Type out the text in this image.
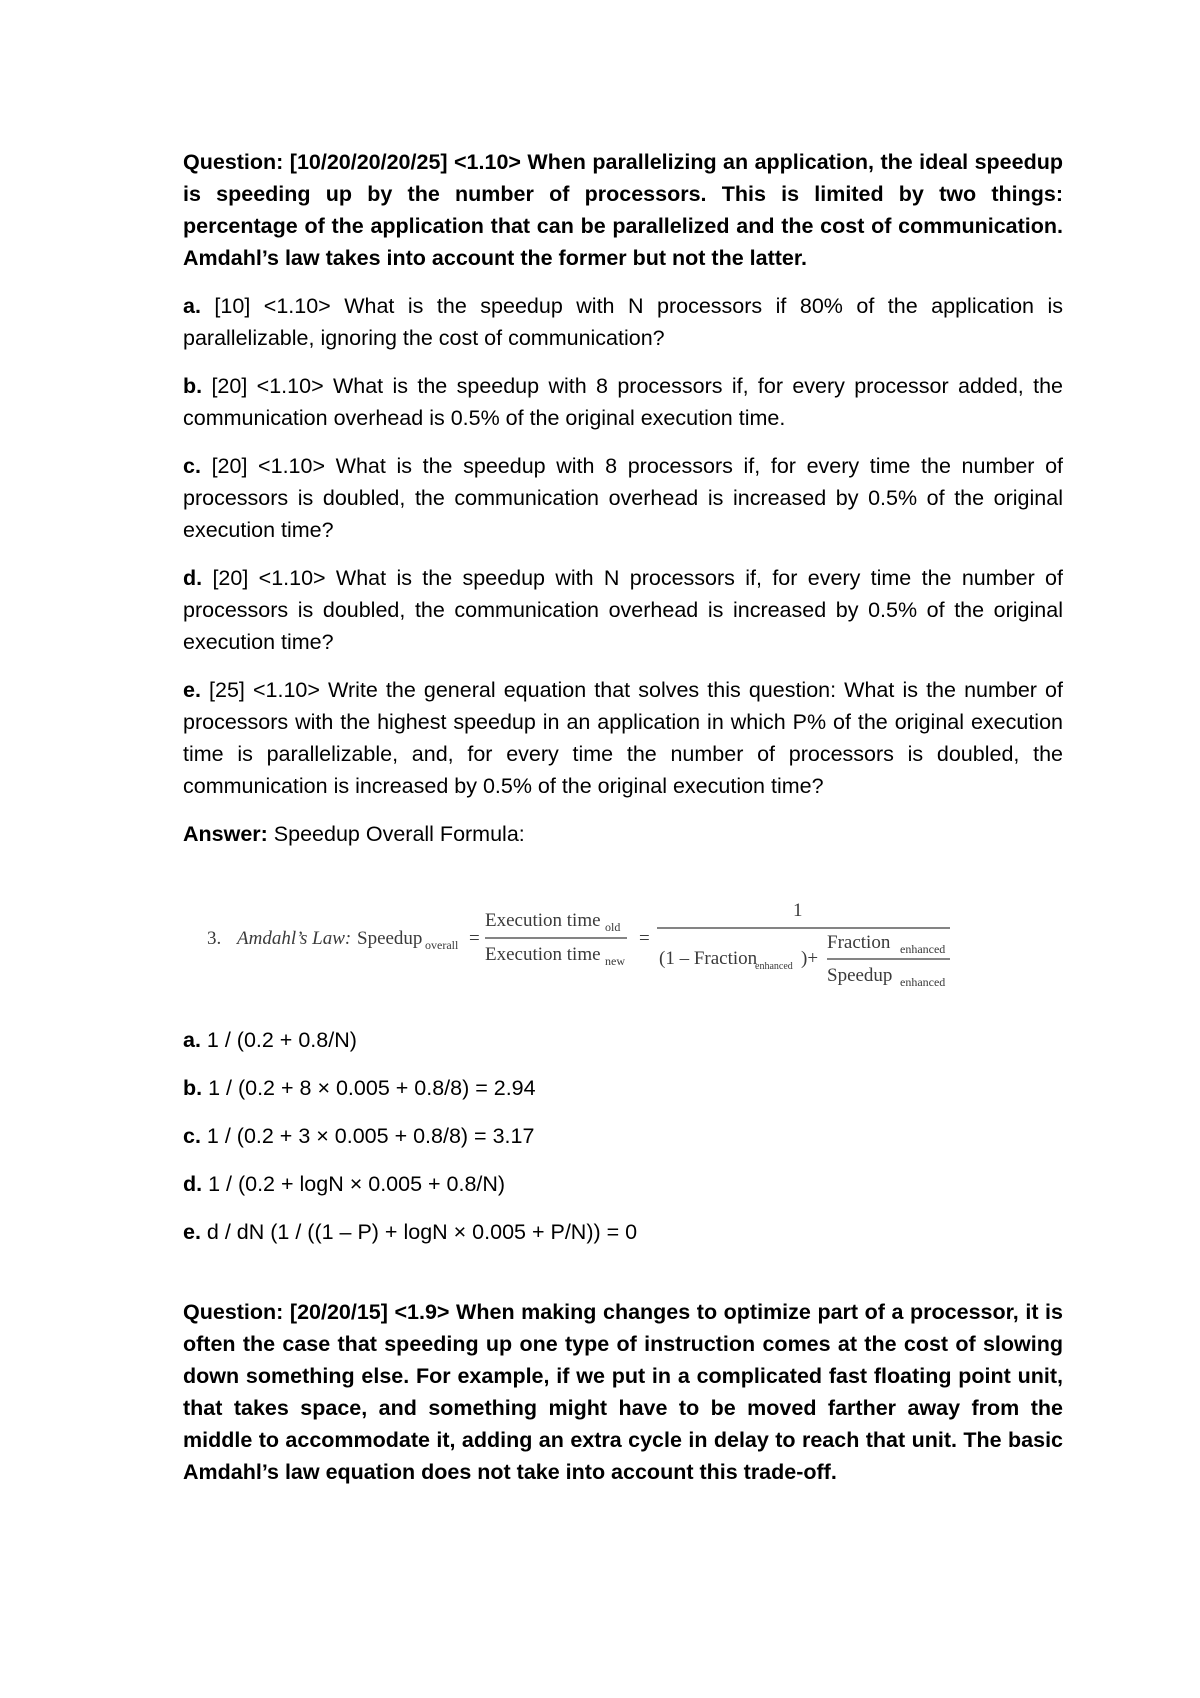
Question: [10/20/20/20/25] <1.10> When parallelizing an application, the ideal speedup is speeding up by the number of processors. This is limited by two things: percentage of the application that can be parallelized and the cost of communication. Amdahl’s law takes into account the former but not the latter.

a. [10] <1.10> What is the speedup with N processors if 80% of the application is parallelizable, ignoring the cost of communication?

b. [20] <1.10> What is the speedup with 8 processors if, for every processor added, the communication overhead is 0.5% of the original execution time.

c. [20] <1.10> What is the speedup with 8 processors if, for every time the number of processors is doubled, the communication overhead is increased by 0.5% of the original execution time?

d. [20] <1.10> What is the speedup with N processors if, for every time the number of processors is doubled, the communication overhead is increased by 0.5% of the original execution time?

e. [25] <1.10> Write the general equation that solves this question: What is the number of processors with the highest speedup in an application in which P% of the original execution time is parallelizable, and, for every time the number of processors is doubled, the communication is increased by 0.5% of the original execution time?

Answer: Speedup Overall Formula:

3. Amdahl’s Law: Speedup overall =
Execution time old
Execution time new
=
1
(1 – Fraction
enhanced )+
Fraction enhanced
Speedup enhanced

a. 1 / (0.2 + 0.8/N)

b. 1 / (0.2 + 8 × 0.005 + 0.8/8) = 2.94

c. 1 / (0.2 + 3 × 0.005 + 0.8/8) = 3.17

d. 1 / (0.2 + logN × 0.005 + 0.8/N)

e. d / dN (1 / ((1 – P) + logN × 0.005 + P/N)) = 0

Question: [20/20/15] <1.9> When making changes to optimize part of a processor, it is often the case that speeding up one type of instruction comes at the cost of slowing down something else. For example, if we put in a complicated fast floating point unit, that takes space, and something might have to be moved farther away from the middle to accommodate it, adding an extra cycle in delay to reach that unit. The basic Amdahl’s law equation does not take into account this trade-off.
